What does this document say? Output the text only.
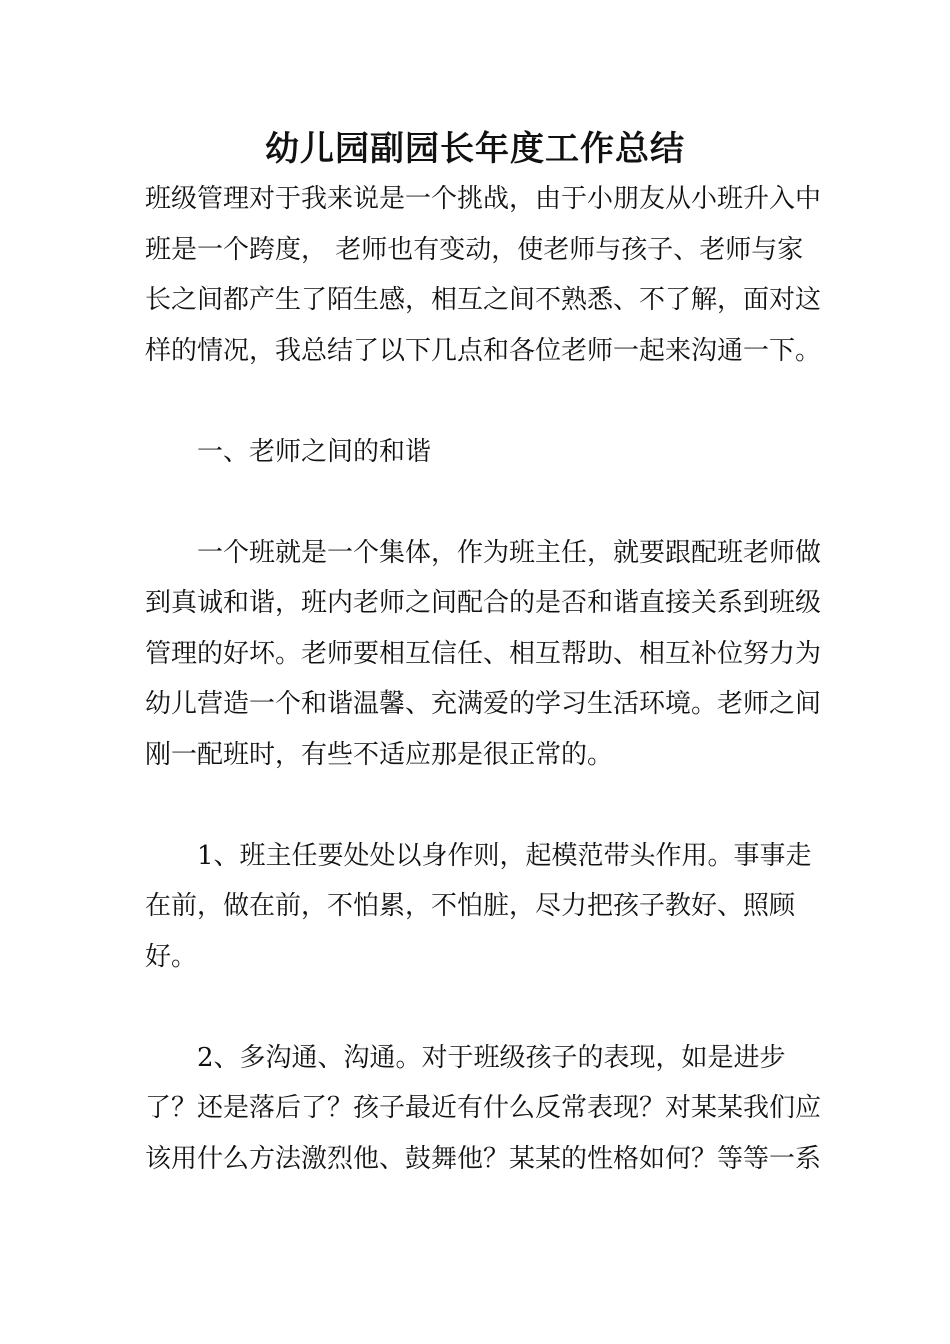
幼儿园副园长年度工作总结

班级管理对于我来说是一个挑战，由于小朋友从小班升入中班是一个跨度， 老师也有变动，使老师与孩子、老师与家长之间都产生了陌生感，相互之间不熟悉、不了解，面对这样的情况，我总结了以下几点和各位老师一起来沟通一下。

一、老师之间的和谐

一个班就是一个集体，作为班主任，就要跟配班老师做到真诚和谐，班内老师之间配合的是否和谐直接关系到班级管理的好坏。老师要相互信任、相互帮助、相互补位努力为幼儿营造一个和谐温馨、充满爱的学习生活环境。老师之间刚一配班时，有些不适应那是很正常的。

1、班主任要处处以身作则，起模范带头作用。事事走在前，做在前，不怕累，不怕脏，尽力把孩子教好、照顾好。

2、多沟通、沟通。对于班级孩子的表现，如是进步了？还是落后了？孩子最近有什么反常表现？对某某我们应该用什么方法激烈他、鼓舞他？某某的性格如何？等等一系
